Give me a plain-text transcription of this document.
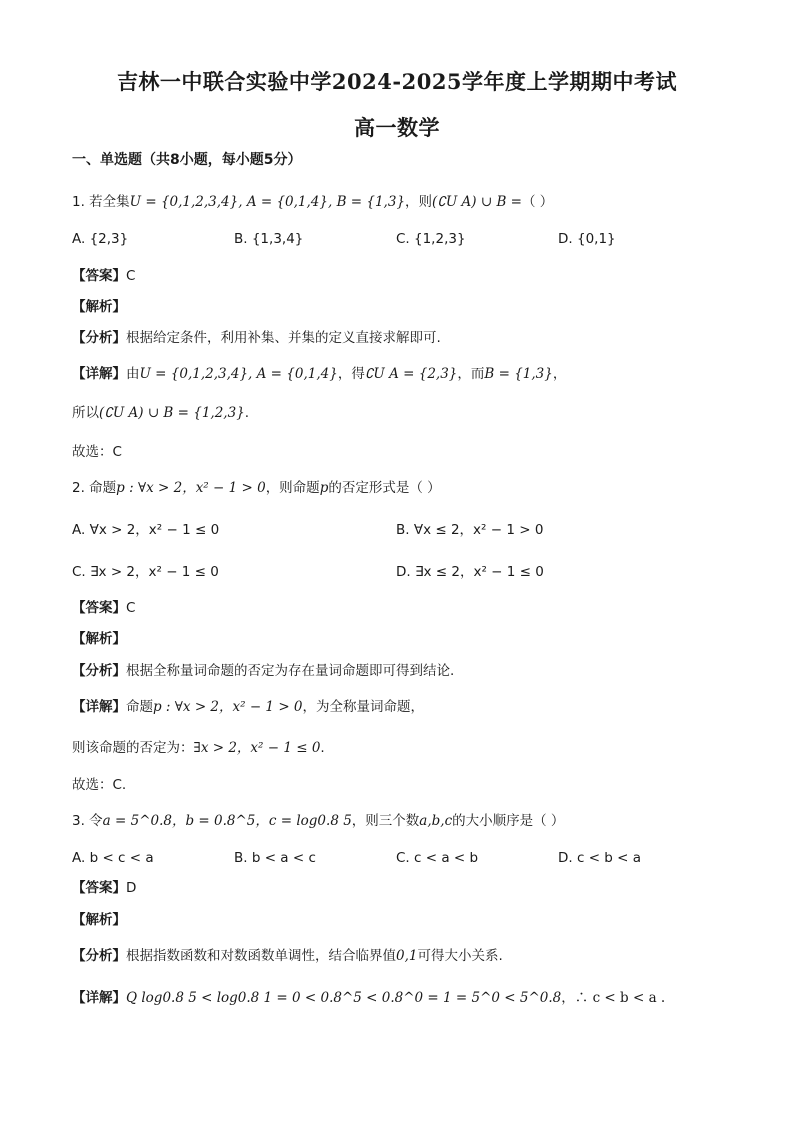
吉林一中联合实验中学2024-2025学年度上学期期中考试
高一数学
一、单选题（共8小题，每小题5分）
1. 若全集U = {0,1,2,3,4}, A = {0,1,4}, B = {1,3}，则(∁U A) ∪ B =（ ）
A. {2,3}	B. {1,3,4}	C. {1,2,3}	D. {0,1}
【答案】C
【解析】
【分析】根据给定条件，利用补集、并集的定义直接求解即可.
【详解】由U = {0,1,2,3,4}, A = {0,1,4}，得∁U A = {2,3}，而B = {1,3}，
所以(∁U A) ∪ B = {1,2,3}.
故选：C
2. 命题p : ∀x > 2，x² − 1 > 0，则命题p的否定形式是（ ）
A. ∀x > 2，x² − 1 ≤ 0	B. ∀x ≤ 2，x² − 1 > 0
C. ∃x > 2，x² − 1 ≤ 0	D. ∃x ≤ 2，x² − 1 ≤ 0
【答案】C
【解析】
【分析】根据全称量词命题的否定为存在量词命题即可得到结论.
【详解】命题p : ∀x > 2，x² − 1 > 0，为全称量词命题，
则该命题的否定为：∃x > 2，x² − 1 ≤ 0.
故选：C.
3. 令a = 5^0.8，b = 0.8^5，c = log0.8 5，则三个数a,b,c的大小顺序是（ ）
A. b < c < a	B. b < a < c	C. c < a < b	D. c < b < a
【答案】D
【解析】
【分析】根据指数函数和对数函数单调性，结合临界值0,1可得大小关系.
【详解】Q log0.8 5 < log0.8 1 = 0 < 0.8^5 < 0.8^0 = 1 = 5^0 < 5^0.8，∴ c < b < a .
